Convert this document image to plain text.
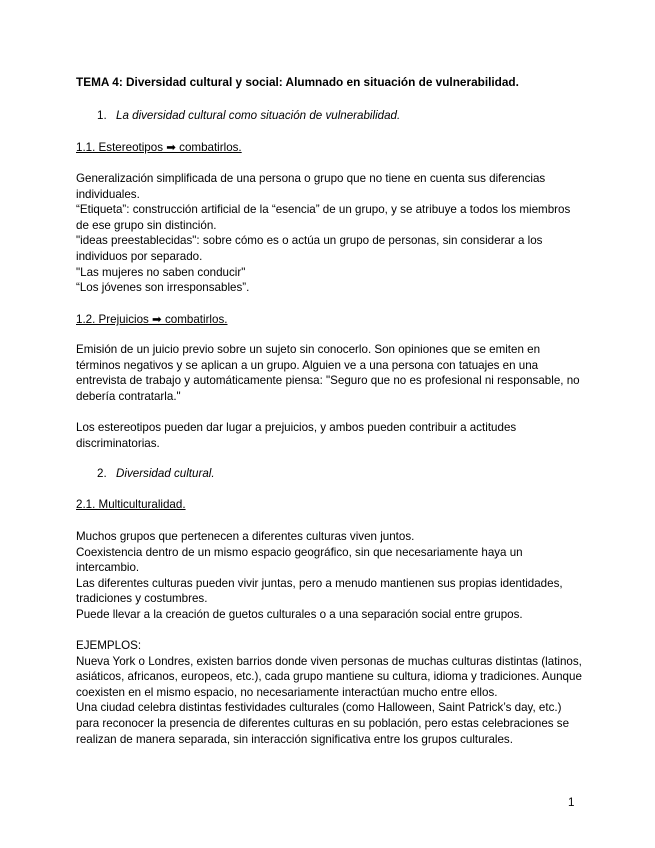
TEMA 4: Diversidad cultural y social: Alumnado en situación de vulnerabilidad.
1. La diversidad cultural como situación de vulnerabilidad.
1.1. Estereotipos ➡ combatirlos.

Generalización simplificada de una persona o grupo que no tiene en cuenta sus diferencias individuales.

“Etiqueta”: construcción artificial de la “esencia” de un grupo, y se atribuye a todos los miembros de ese grupo sin distinción.

"ideas preestablecidas": sobre cómo es o actúa un grupo de personas, sin considerar a los individuos por separado.

"Las mujeres no saben conducir"

“Los jóvenes son irresponsables”.

1.2. Prejuicios ➡ combatirlos.

Emisión de un juicio previo sobre un sujeto sin conocerlo. Son opiniones que se emiten en términos negativos y se aplican a un grupo. Alguien ve a una persona con tatuajes en una entrevista de trabajo y automáticamente piensa: "Seguro que no es profesional ni responsable, no debería contratarla."

Los estereotipos pueden dar lugar a prejuicios, y ambos pueden contribuir a actitudes discriminatorias.

2. Diversidad cultural.
2.1. Multiculturalidad.

Muchos grupos que pertenecen a diferentes culturas viven juntos.

Coexistencia dentro de un mismo espacio geográfico, sin que necesariamente haya un intercambio.

Las diferentes culturas pueden vivir juntas, pero a menudo mantienen sus propias identidades, tradiciones y costumbres.

Puede llevar a la creación de guetos culturales o a una separación social entre grupos.

EJEMPLOS:

Nueva York o Londres, existen barrios donde viven personas de muchas culturas distintas (latinos, asiáticos, africanos, europeos, etc.), cada grupo mantiene su cultura, idioma y tradiciones. Aunque coexisten en el mismo espacio, no necesariamente interactúan mucho entre ellos.

Una ciudad celebra distintas festividades culturales (como Halloween, Saint Patrick’s day, etc.) para reconocer la presencia de diferentes culturas en su población, pero estas celebraciones se realizan de manera separada, sin interacción significativa entre los grupos culturales.

1
